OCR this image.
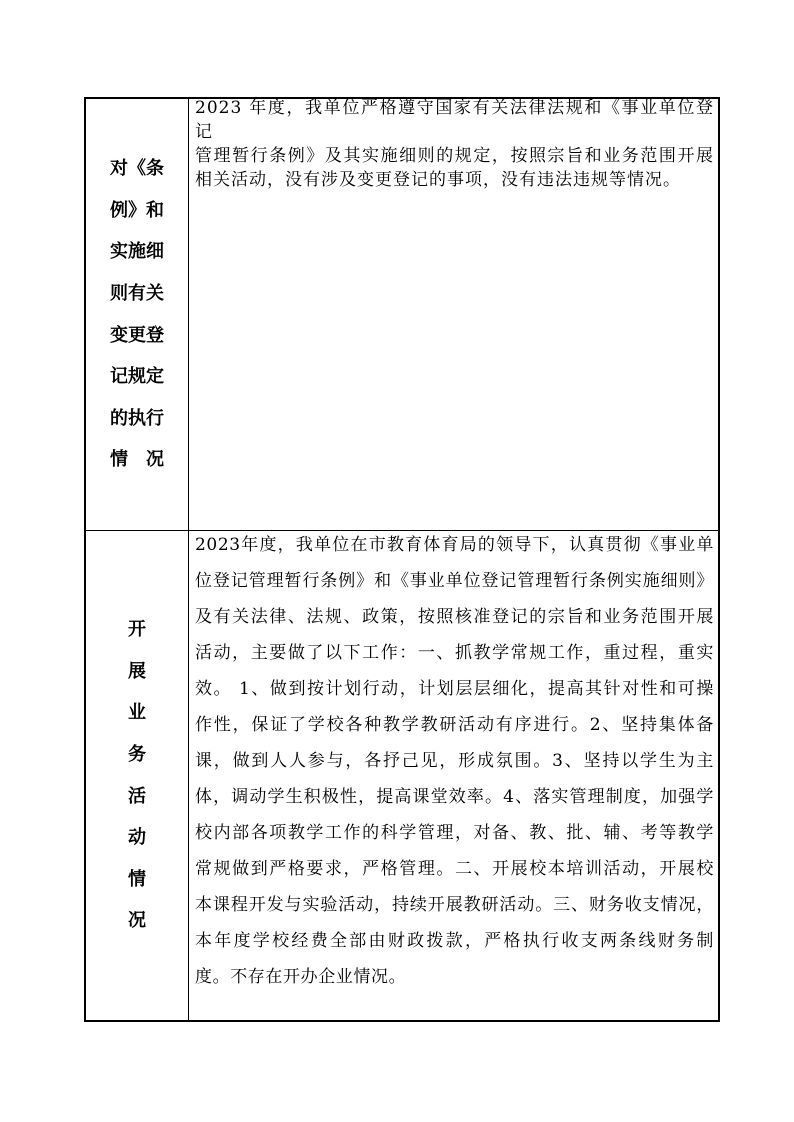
对《条
例》和
实施细
则有关
变更登
记规定
的执行
情　况
2023 年度，我单位严格遵守国家有关法律法规和《事业单位登记
管理暂行条例》及其实施细则的规定，按照宗旨和业务范围开展
相关活动，没有涉及变更登记的事项，没有违法违规等情况。
开
展
业
务
活
动
情
况
2023年度，我单位在市教育体育局的领导下，认真贯彻《事业单
位登记管理暂行条例》和《事业单位登记管理暂行条例实施细则》
及有关法律、法规、政策，按照核准登记的宗旨和业务范围开展
活动，主要做了以下工作：一、抓教学常规工作，重过程，重实
效。 1、做到按计划行动，计划层层细化，提高其针对性和可操
作性，保证了学校各种教学教研活动有序进行。2、坚持集体备
课，做到人人参与，各抒己见，形成氛围。3、坚持以学生为主
体，调动学生积极性，提高课堂效率。4、落实管理制度，加强学
校内部各项教学工作的科学管理，对备、教、批、辅、考等教学
常规做到严格要求，严格管理。二、开展校本培训活动，开展校
本课程开发与实验活动，持续开展教研活动。三、财务收支情况，
本年度学校经费全部由财政拨款，严格执行收支两条线财务制
度。不存在开办企业情况。
